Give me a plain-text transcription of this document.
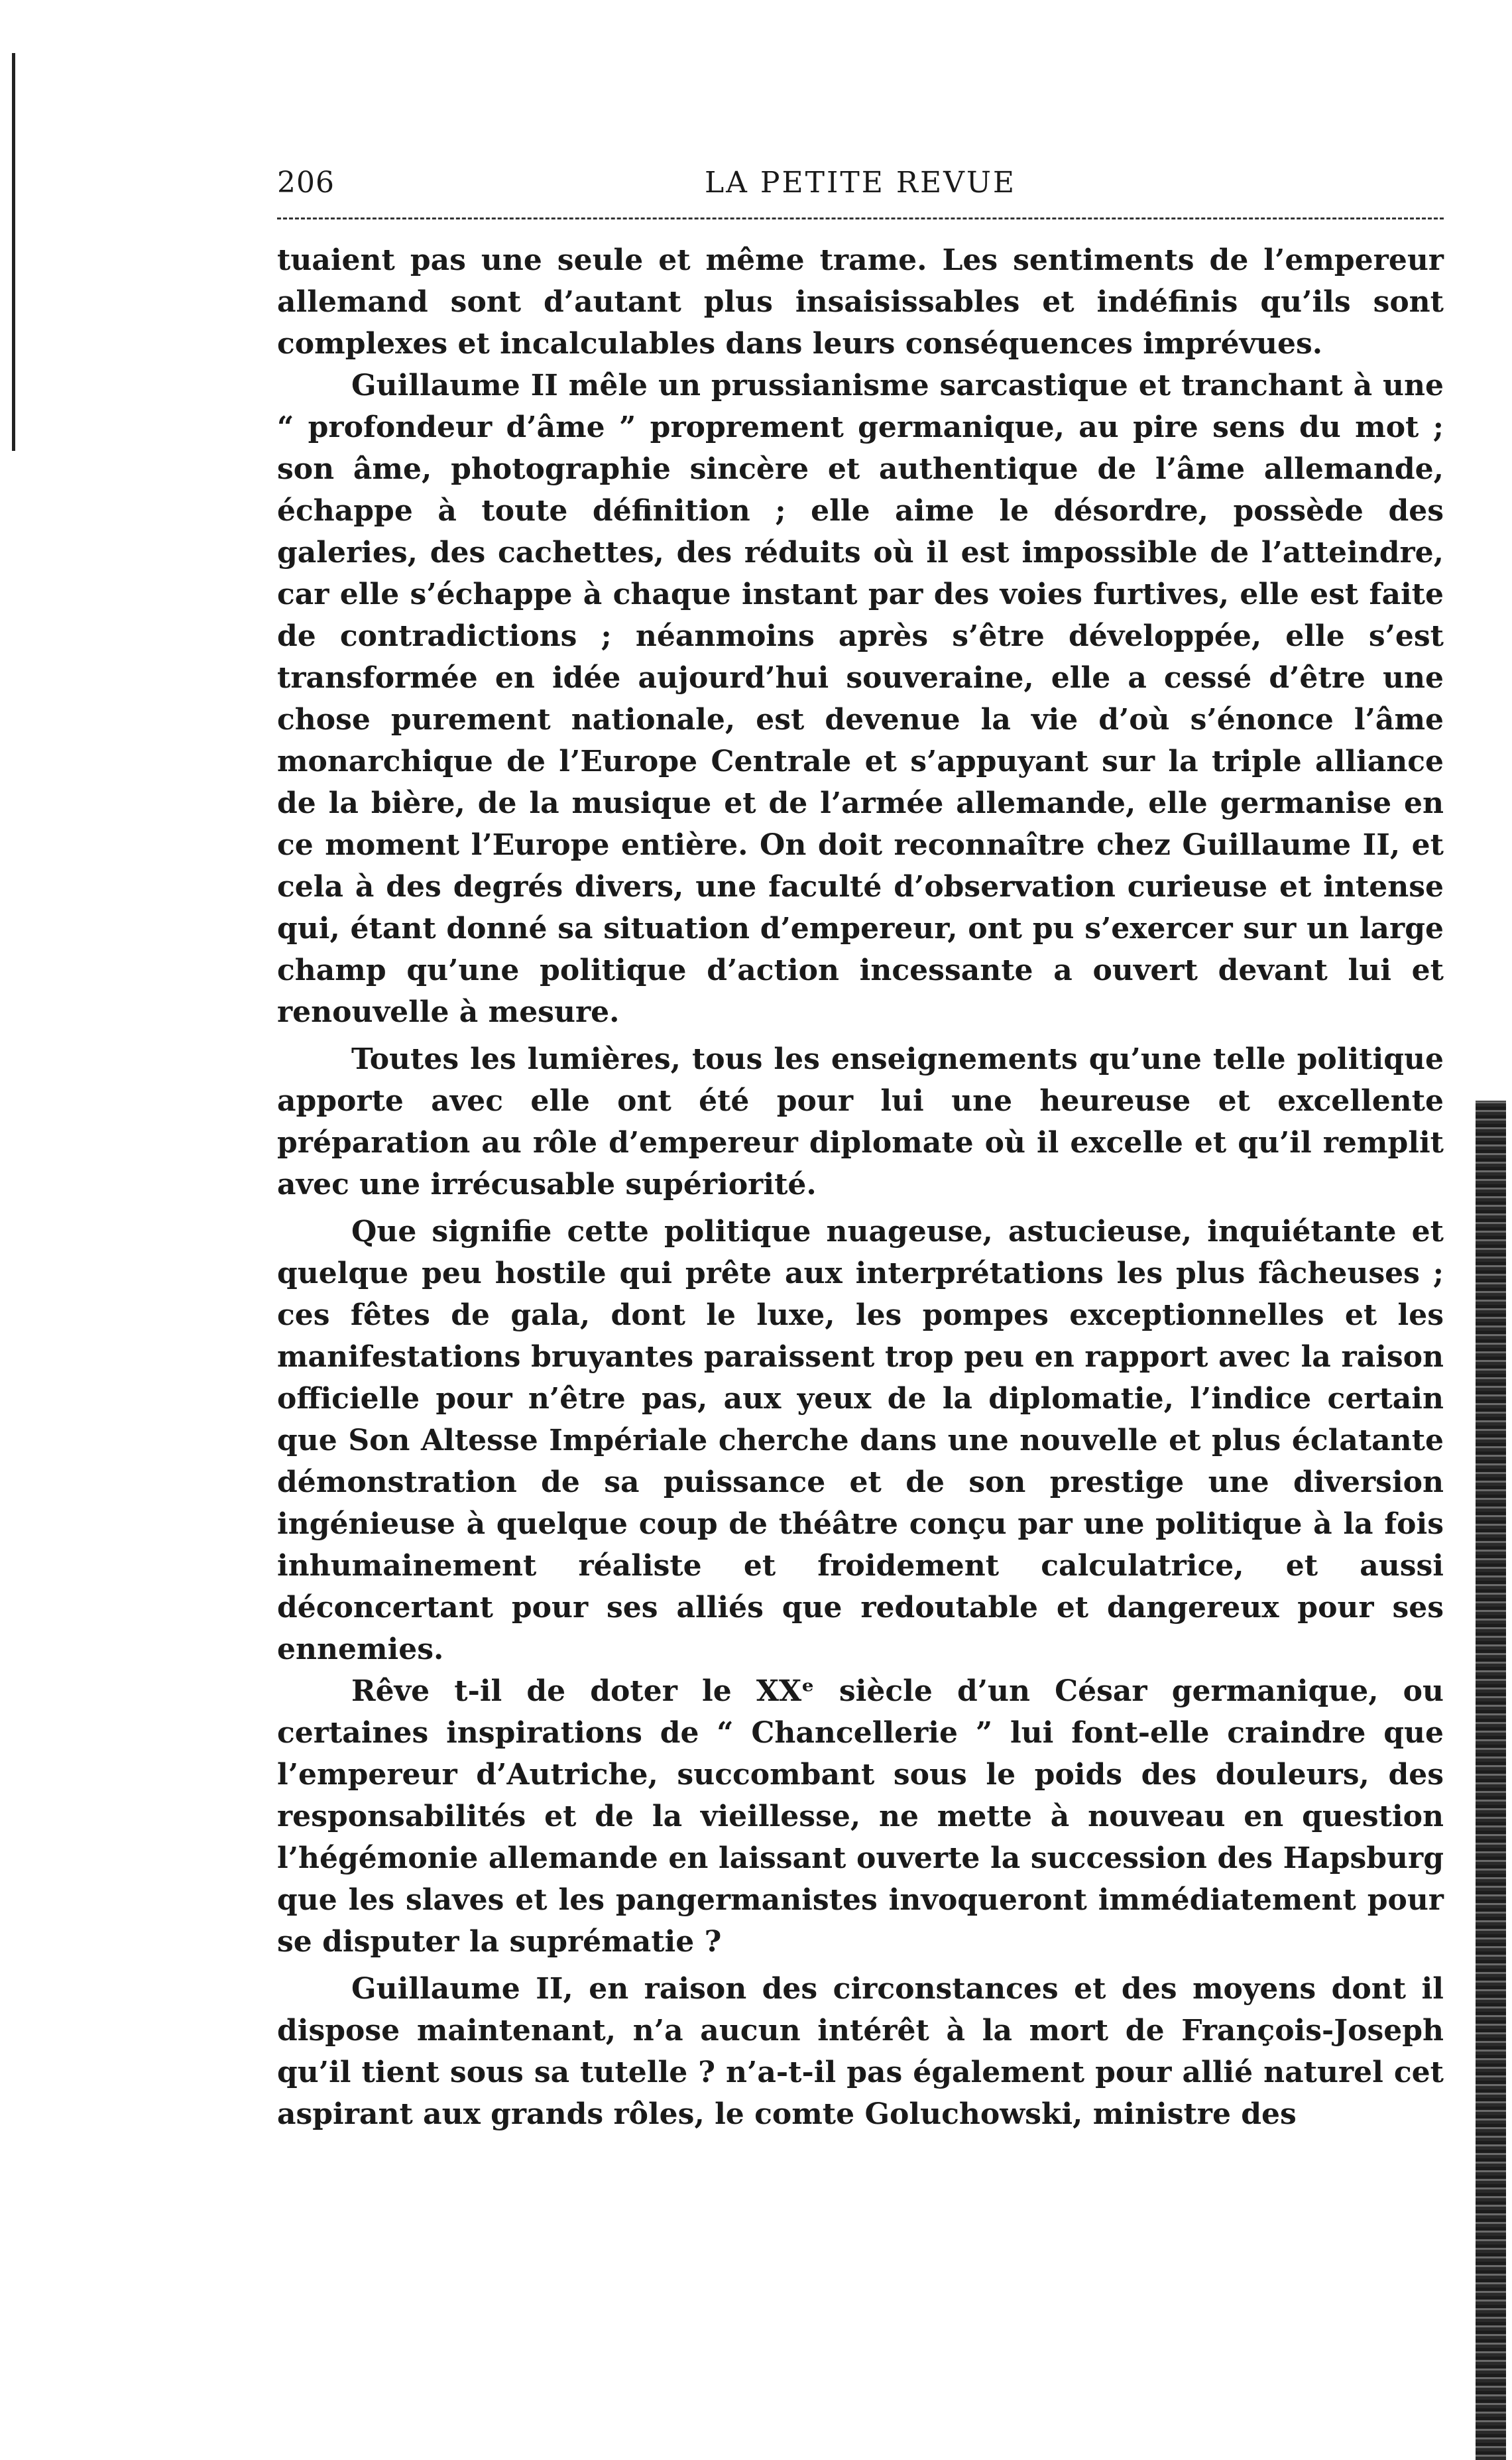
206	LA PETITE REVUE

tuaient pas une seule et même trame. Les sentiments de l’empereur allemand sont d’autant plus insaisissables et indéfinis qu’ils sont complexes et incalculables dans leurs conséquences imprévues.

Guillaume II mêle un prussianisme sarcastique et tranchant à une “ profondeur d’âme ” proprement germanique, au pire sens du mot ; son âme, photographie sincère et authentique de l’âme allemande, échappe à toute définition ; elle aime le désordre, possède des galeries, des cachettes, des réduits où il est impossible de l’atteindre, car elle s’échappe à chaque instant par des voies furtives, elle est faite de contradictions ; néanmoins après s’être développée, elle s’est transformée en idée aujourd’hui souveraine, elle a cessé d’être une chose purement nationale, est devenue la vie d’où s’énonce l’âme monarchique de l’Europe Centrale et s’appuyant sur la triple alliance de la bière, de la musique et de l’armée allemande, elle germanise en ce moment l’Europe entière. On doit reconnaître chez Guillaume II, et cela à des degrés divers, une faculté d’observation curieuse et intense qui, étant donné sa situation d’empereur, ont pu s’exercer sur un large champ qu’une politique d’action incessante a ouvert devant lui et renouvelle à mesure.

Toutes les lumières, tous les enseignements qu’une telle politique apporte avec elle ont été pour lui une heureuse et excellente préparation au rôle d’empereur diplomate où il excelle et qu’il remplit avec une irrécusable supériorité.

Que signifie cette politique nuageuse, astucieuse, inquiétante et quelque peu hostile qui prête aux interprétations les plus fâcheuses ; ces fêtes de gala, dont le luxe, les pompes exceptionnelles et les manifestations bruyantes paraissent trop peu en rapport avec la raison officielle pour n’être pas, aux yeux de la diplomatie, l’indice certain que Son Altesse Impériale cherche dans une nouvelle et plus éclatante démonstration de sa puissance et de son prestige une diversion ingénieuse à quelque coup de théâtre conçu par une politique à la fois inhumainement réaliste et froidement calculatrice, et aussi déconcertant pour ses alliés que redoutable et dangereux pour ses ennemies.

Rêve t-il de doter le XXᵉ siècle d’un César germanique, ou certaines inspirations de “ Chancellerie ” lui font-elle craindre que l’empereur d’Autriche, succombant sous le poids des douleurs, des responsabilités et de la vieillesse, ne mette à nouveau en question l’hégémonie allemande en laissant ouverte la succession des Hapsburg que les slaves et les pangermanistes invoqueront immédiatement pour se disputer la suprématie ?

Guillaume II, en raison des circonstances et des moyens dont il dispose maintenant, n’a aucun intérêt à la mort de François-Joseph qu’il tient sous sa tutelle ? n’a-t-il pas également pour allié naturel cet aspirant aux grands rôles, le comte Goluchowski, ministre des
